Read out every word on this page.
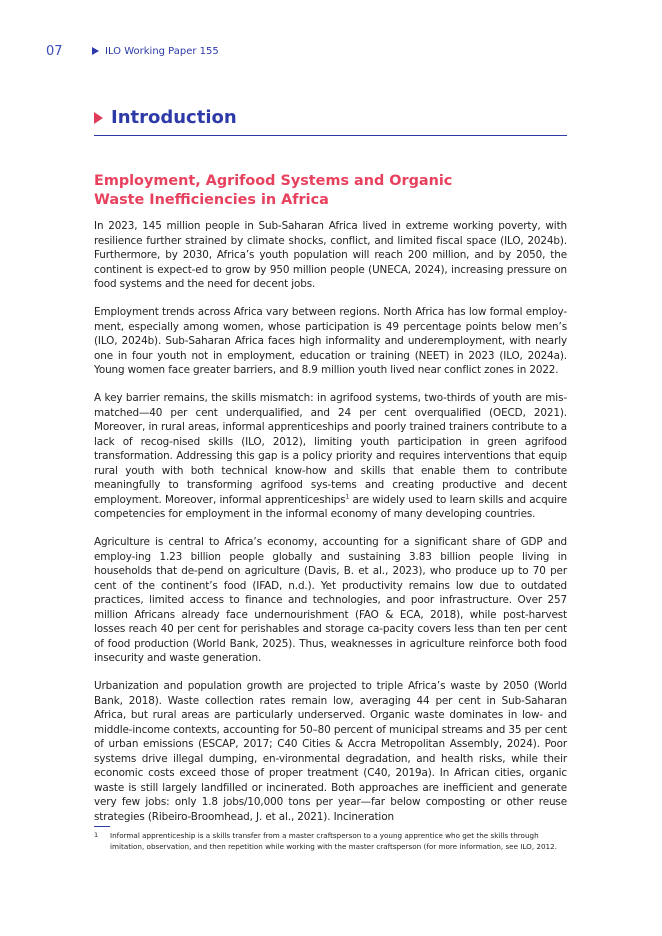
07	ILO Working Paper 155
Introduction
Employment, Agrifood Systems and Organic Waste Inefficiencies in Africa

In 2023, 145 million people in Sub-Saharan Africa lived in extreme working poverty, with resilience further strained by climate shocks, conflict, and limited fiscal space (ILO, 2024b). Furthermore, by 2030, Africa’s youth population will reach 200 million, and by 2050, the continent is expect-ed to grow by 950 million people (UNECA, 2024), increasing pressure on food systems and the need for decent jobs.

Employment trends across Africa vary between regions. North Africa has low formal employ-ment, especially among women, whose participation is 49 percentage points below men’s (ILO, 2024b). Sub-Saharan Africa faces high informality and underemployment, with nearly one in four youth not in employment, education or training (NEET) in 2023 (ILO, 2024a). Young women face greater barriers, and 8.9 million youth lived near conflict zones in 2022.

A key barrier remains, the skills mismatch: in agrifood systems, two-thirds of youth are mis-matched—40 per cent underqualified, and 24 per cent overqualified (OECD, 2021). Moreover, in rural areas, informal apprenticeships and poorly trained trainers contribute to a lack of recog-nised skills (ILO, 2012), limiting youth participation in green agrifood transformation. Addressing this gap is a policy priority and requires interventions that equip rural youth with both technical know-how and skills that enable them to contribute meaningfully to transforming agrifood sys-tems and creating productive and decent employment. Moreover, informal apprenticeships$^1$ are widely used to learn skills and acquire competencies for employment in the informal economy of many developing countries.

Agriculture is central to Africa’s economy, accounting for a significant share of GDP and employ-ing 1.23 billion people globally and sustaining 3.83 billion people living in households that de-pend on agriculture (Davis, B. et al., 2023), who produce up to 70 per cent of the continent’s food (IFAD, n.d.). Yet productivity remains low due to outdated practices, limited access to finance and technologies, and poor infrastructure. Over 257 million Africans already face undernourishment (FAO & ECA, 2018), while post-harvest losses reach 40 per cent for perishables and storage ca-pacity covers less than ten per cent of food production (World Bank, 2025). Thus, weaknesses in agriculture reinforce both food insecurity and waste generation.

Urbanization and population growth are projected to triple Africa’s waste by 2050 (World Bank, 2018). Waste collection rates remain low, averaging 44 per cent in Sub-Saharan Africa, but rural areas are particularly underserved. Organic waste dominates in low- and middle-income contexts, accounting for 50–80 percent of municipal streams and 35 per cent of urban emissions (ESCAP, 2017; C40 Cities & Accra Metropolitan Assembly, 2024). Poor systems drive illegal dumping, en-vironmental degradation, and health risks, while their economic costs exceed those of proper treatment (C40, 2019a). In African cities, organic waste is still largely landfilled or incinerated. Both approaches are inefficient and generate very few jobs: only 1.8 jobs/10,000 tons per year—far below composting or other reuse strategies (Ribeiro-Broomhead, J. et al., 2021). Incineration

1	Informal apprenticeship is a skills transfer from a master craftsperson to a young apprentice who get the skills through imitation, observation, and then repetition while working with the master craftsperson (for more information, see ILO, 2012.
